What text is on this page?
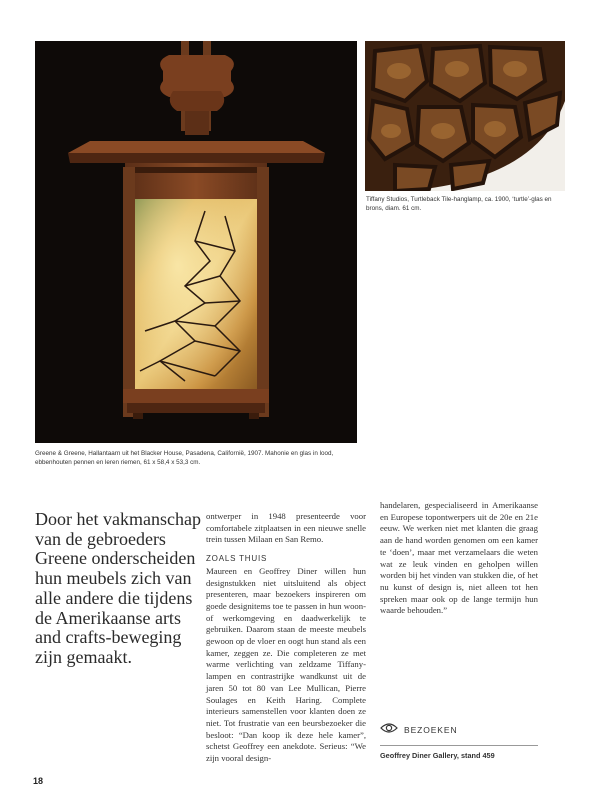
Greene & Greene, Hallantaarn uit het Blacker House, Pasadena, Californië, 1907. Mahonie en glas in lood, ebbenhouten pennen en leren riemen, 61 x 58,4 x 53,3 cm.
Tiffany Studios, Turtleback Tile-hanglamp, ca. 1900, ‘turtle’-glas en brons, diam. 61 cm.
Door het vakmanschap van de gebroeders Greene onderscheiden hun meubels zich van alle andere die tijdens de Amerikaanse arts and crafts-beweging zijn gemaakt.

ontwerper in 1948 presenteerde voor comfortabele zitplaatsen in een nieuwe snelle trein tussen Milaan en San Remo.

ZOALS THUIS

Maureen en Geoffrey Diner willen hun designstukken niet uitsluitend als object presenteren, maar bezoekers inspireren om goede designitems toe te passen in hun woon- of werkomgeving en daadwerkelijk te gebruiken. Daarom staan de meeste meubels gewoon op de vloer en oogt hun stand als een kamer, zeggen ze. Die completeren ze met warme verlichting van zeldzame Tiffany-lampen en contrastrijke wandkunst uit de jaren 50 tot 80 van Lee Mullican, Pierre Soulages en Keith Haring. Complete interieurs samenstellen voor klanten doen ze niet. Tot frustratie van een beursbezoeker die besloot: “Dan koop ik deze hele kamer”, schetst Geoffrey een anekdote. Serieus: “We zijn vooral design-

handelaren, gespecialiseerd in Amerikaanse en Europese topontwerpers uit de 20e en 21e eeuw. We werken niet met klanten die graag aan de hand worden genomen om een kamer te ‘doen’, maar met verzamelaars die weten wat ze leuk vinden en geholpen willen worden bij het vinden van stukken die, of het nu kunst of design is, niet alleen tot hen spreken maar ook op de lange termijn hun waarde behouden.”

BEZOEKEN
Geoffrey Diner Gallery, stand 459
18
